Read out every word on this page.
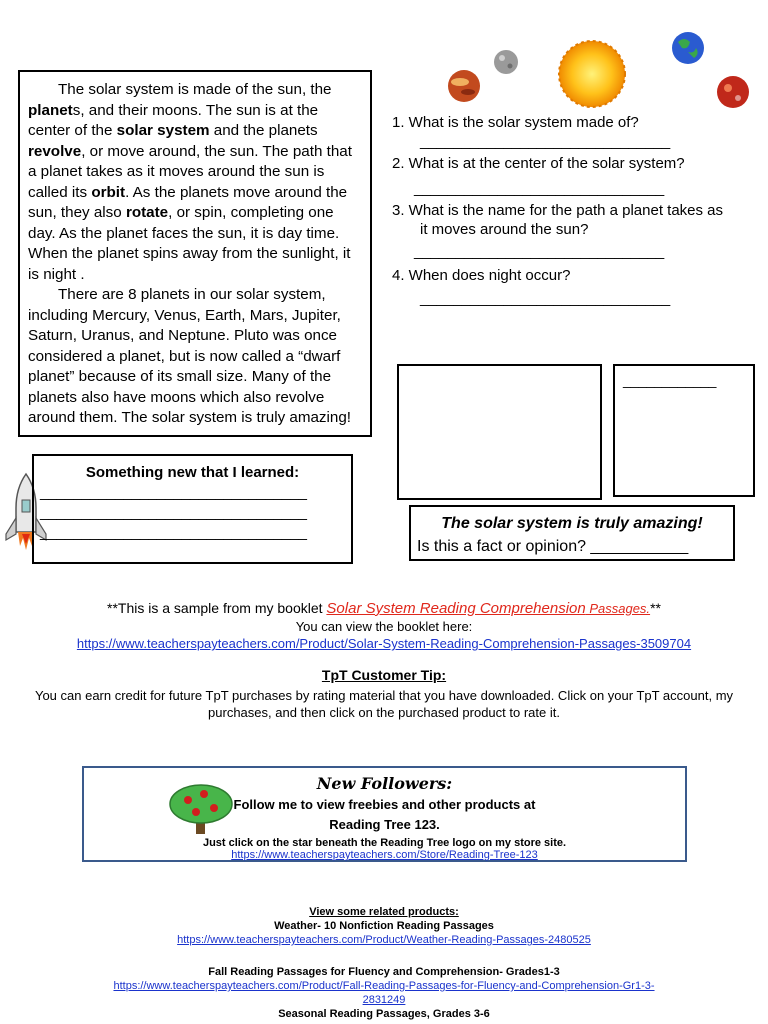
The solar system is made of the sun, the planets, and their moons. The sun is at the center of the solar system and the planets revolve, or move around, the sun. The path that a planet takes as it moves around the sun is called its orbit. As the planets move around the sun, they also rotate, or spin, completing one day. As the planet faces the sun, it is day time. When the planet spins away from the sunlight, it is night .

There are 8 planets in our solar system, including Mercury, Venus, Earth, Mars, Jupiter, Saturn, Uranus, and Neptune. Pluto was once considered a planet, but is now called a “dwarf planet” because of its small size. Many of the planets also have moons which also revolve around them. The solar system is truly amazing!

1. What is the solar system made of?
______________________________
2. What is at the center of the solar system?
______________________________
3. What is the name for the path a planet takes as
it moves around the sun?
______________________________
4. When does night occur?
______________________________
Something new that I learned:
________________________________
________________________________
________________________________
____________
The solar system is truly amazing!
Is this a fact or opinion? ___________
**This is a sample from my booklet Solar System Reading Comprehension Passages.**
You can view the booklet here:
https://www.teacherspayteachers.com/Product/Solar-System-Reading-Comprehension-Passages-3509704
TpT Customer Tip:
You can earn credit for future TpT purchases by rating material that you have downloaded. Click on your TpT account, my purchases, and then click on the purchased product to rate it.
New Followers:
Follow me to view freebies and other products at
Reading Tree 123.
Just click on the star beneath the Reading Tree logo on my store site.
https://www.teacherspayteachers.com/Store/Reading-Tree-123
View some related products:
Weather- 10 Nonfiction Reading Passages
https://www.teacherspayteachers.com/Product/Weather-Reading-Passages-2480525
Fall Reading Passages for Fluency and Comprehension- Grades1-3
https://www.teacherspayteachers.com/Product/Fall-Reading-Passages-for-Fluency-and-Comprehension-Gr1-3-
2831249
Seasonal Reading Passages, Grades 3-6
